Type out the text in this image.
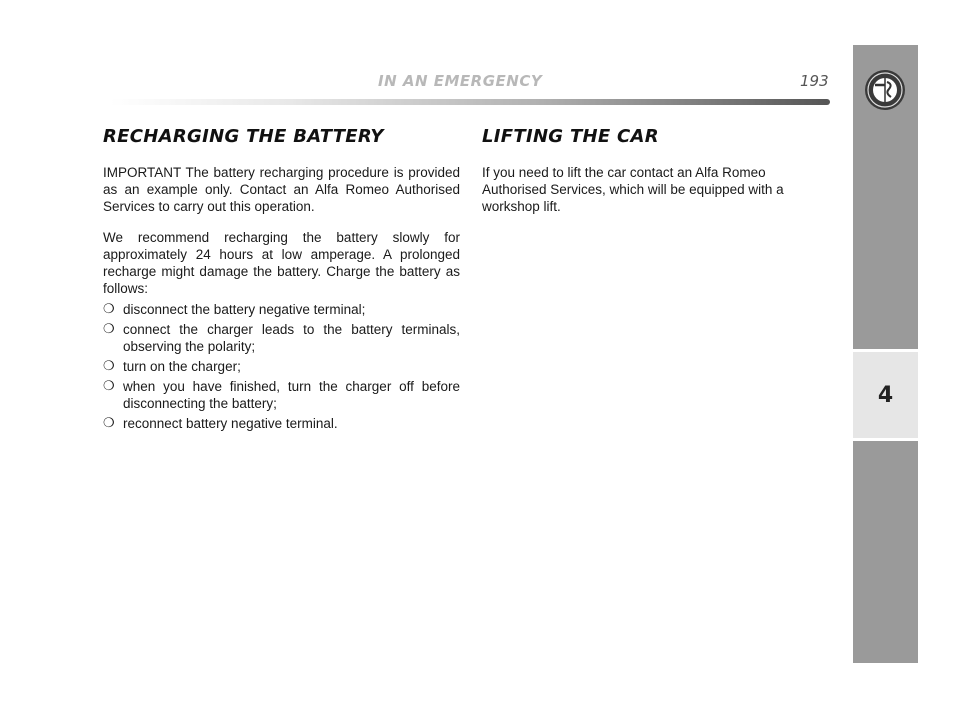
IN AN EMERGENCY	193
4
RECHARGING THE BATTERY

IMPORTANT The battery recharging procedure is provided as an example only. Contact an Alfa Romeo Authorised Services to carry out this operation.

We recommend recharging the battery slowly for approximately 24 hours at low amperage. A prolonged recharge might damage the battery. Charge the battery as follows:

❍ disconnect the battery negative terminal;
❍ connect the charger leads to the battery terminals, observing the polarity;
❍ turn on the charger;
❍ when you have finished, turn the charger off before disconnecting the battery;
❍ reconnect battery negative terminal.
LIFTING THE CAR

If you need to lift the car contact an Alfa Romeo Authorised Services, which will be equipped with a workshop lift.
